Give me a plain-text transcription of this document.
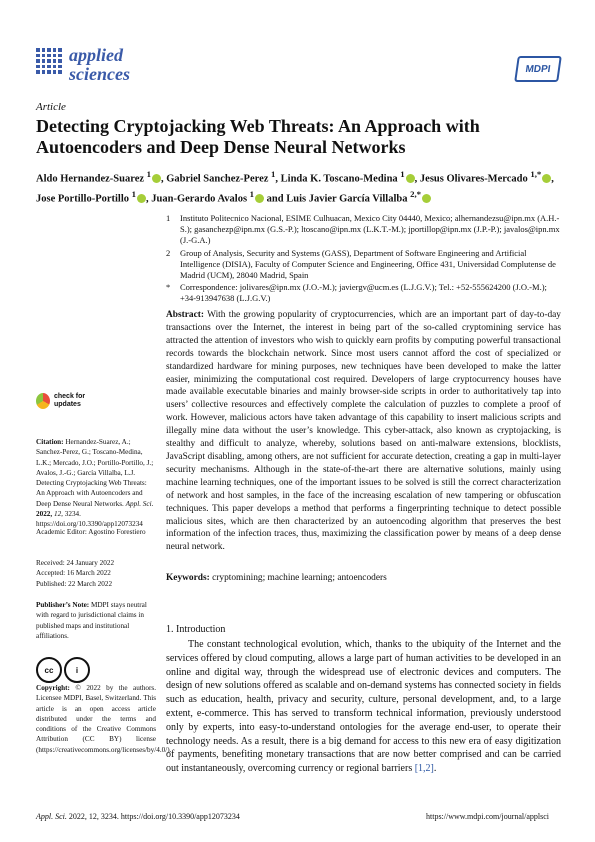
applied
sciences	MDPI
Article
Detecting Cryptojacking Web Threats: An Approach with Autoencoders and Deep Dense Neural Networks
Aldo Hernandez-Suarez $^1$ , Gabriel Sanchez-Perez $^1$, Linda K. Toscano-Medina $^1$ , Jesus Olivares-Mercado $^{1,*}$ ,
Jose Portillo-Portillo $^1$ , Juan-Gerardo Avalos $^1$ and Luis Javier García Villalba $^{2,*}$
1	Instituto Politecnico Nacional, ESIME Culhuacan, Mexico City 04440, Mexico; alhernandezsu@ipn.mx (A.H.-S.); gasanchezp@ipn.mx (G.S.-P.); ltoscano@ipn.mx (L.K.T.-M.); jportillop@ipn.mx (J.P.-P.); javalos@ipn.mx (J.-G.A.)
2	Group of Analysis, Security and Systems (GASS), Department of Software Engineering and Artificial Intelligence (DISIA), Faculty of Computer Science and Engineering, Office 431, Universidad Complutense de Madrid (UCM), 28040 Madrid, Spain
*	Correspondence: jolivares@ipn.mx (J.O.-M.); javiergv@ucm.es (L.J.G.V.); Tel.: +52-555624200 (J.O.-M.); +34-913947638 (L.J.G.V.)
Abstract: With the growing popularity of cryptocurrencies, which are an important part of day-to-day transactions over the Internet, the interest in being part of the so-called cryptomining service has attracted the attention of investors who wish to quickly earn profits by computing powerful transactional records towards the blockchain network. Since most users cannot afford the cost of specialized or standardized hardware for mining purposes, new techniques have been developed to make the latter easier, minimizing the computational cost required. Developers of large cryptocurrency houses have made available executable binaries and mainly browser-side scripts in order to authoritatively tap into users’ collective resources and effectively complete the calculation of puzzles to complete a proof of work. However, malicious actors have taken advantage of this capability to insert malicious scripts and illegally mine data without the user’s knowledge. This cyber-attack, also known as cryptojacking, is stealthy and difficult to analyze, whereby, solutions based on anti-malware extensions, blocklists, JavaScript disabling, among others, are not sufficient for accurate detection, creating a gap in multi-layer security mechanisms. Although in the state-of-the-art there are alternative solutions, mainly using machine learning techniques, one of the important issues to be solved is still the correct characterization of network and host samples, in the face of the increasing escalation of new tampering or obfuscation techniques. This paper develops a method that performs a fingerprinting technique to detect possible malicious sites, which are then characterized by an autoencoding algorithm that preserves the best information of the infection traces, thus, maximizing the classification power by means of a deep dense neural network.
Keywords: cryptomining; machine learning; antoencoders
check for
updates
Citation: Hernandez-Suarez, A.; Sanchez-Perez, G.; Toscano-Medina, L.K.; Mercado, J.O.; Portillo-Portillo, J.; Avalos, J.-G.; García Villalba, L.J. Detecting Cryptojacking Web Threats: An Approach with Autoencoders and Deep Dense Neural Networks. Appl. Sci. 2022, 12, 3234. https://doi.org/10.3390/app12073234
Academic Editor: Agostino Forestiero
Received: 24 January 2022
Accepted: 16 March 2022
Published: 22 March 2022
Publisher’s Note: MDPI stays neutral with regard to jurisdictional claims in published maps and institutional affiliations.
cc	i
Copyright: © 2022 by the authors. Licensee MDPI, Basel, Switzerland. This article is an open access article distributed under the terms and conditions of the Creative Commons Attribution (CC BY) license (https://creativecommons.org/licenses/by/4.0/).
1. Introduction
The constant technological evolution, which, thanks to the ubiquity of the Internet and the services offered by cloud computing, allows a large part of human activities to be developed in an online and digital way, through the widespread use of electronic devices and computers. The design of new solutions offered as scalable and on-demand systems has connected society in fields such as education, health, privacy and security, culture, personal development, and, to a large extent, e-commerce. This has served to transform technical information, previously understood only by experts, into easy-to-understand ontologies for the average end-user, to operate their technology needs. As a result, there is a big demand for access to this new era of easy digitization of payments, benefiting monetary transactions that are now better comprised and can be carried out instantaneously, overcoming currency or regional barriers [1,2].
Appl. Sci. 2022, 12, 3234. https://doi.org/10.3390/app12073234	https://www.mdpi.com/journal/applsci
